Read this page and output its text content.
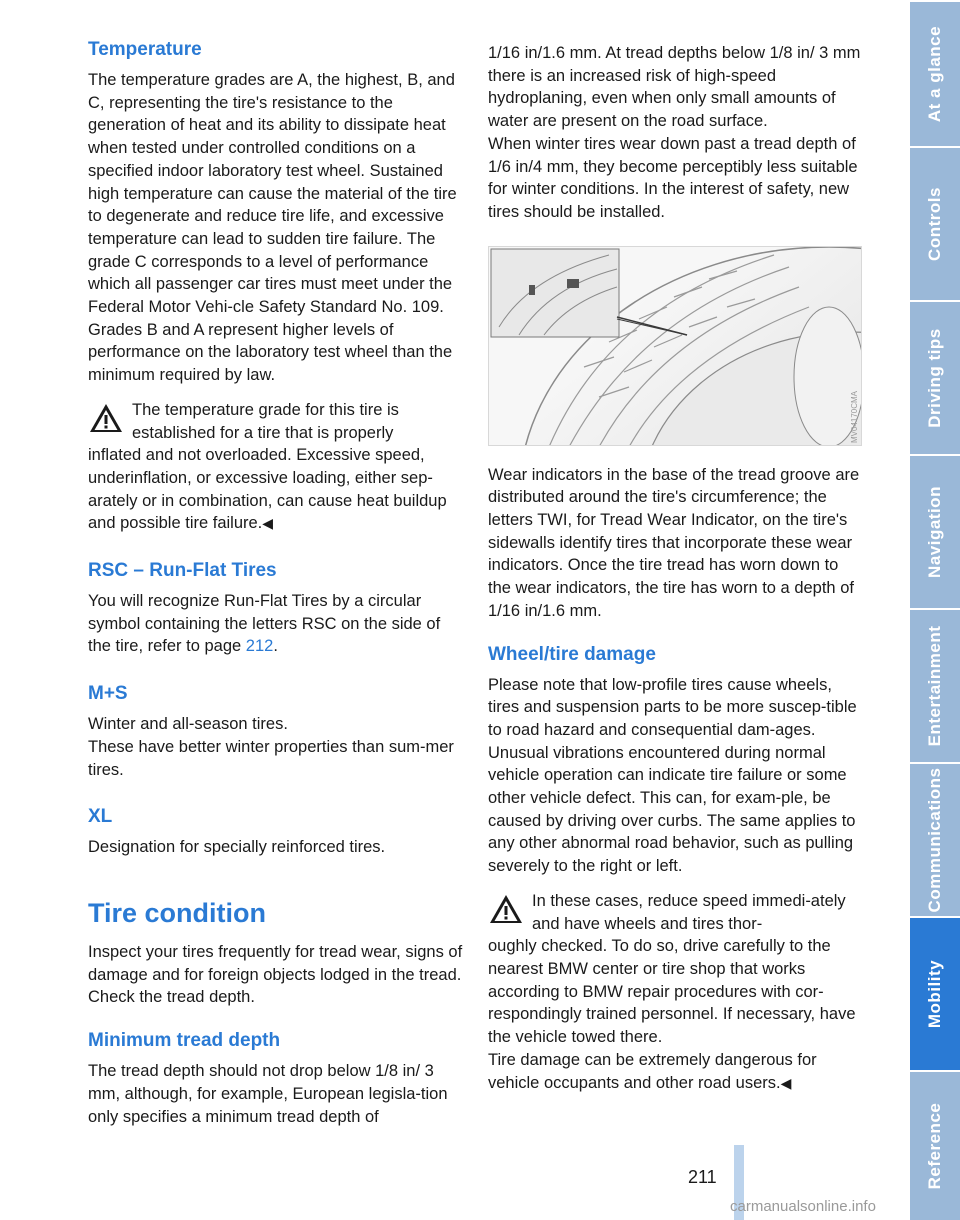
Temperature

The temperature grades are A, the highest, B, and C, representing the tire's resistance to the generation of heat and its ability to dissipate heat when tested under controlled conditions on a specified indoor laboratory test wheel. Sustained high temperature can cause the material of the tire to degenerate and reduce tire life, and excessive temperature can lead to sudden tire failure. The grade C corresponds to a level of performance which all passenger car tires must meet under the Federal Motor Vehi-cle Safety Standard No. 109. Grades B and A represent higher levels of performance on the laboratory test wheel than the minimum required by law.

The temperature grade for this tire is established for a tire that is properly

inflated and not overloaded. Excessive speed, underinflation, or excessive loading, either sep-arately or in combination, can cause heat buildup and possible tire failure.◀

RSC – Run-Flat Tires

You will recognize Run-Flat Tires by a circular symbol containing the letters RSC on the side of the tire, refer to page 212.

M+S

Winter and all-season tires.

These have better winter properties than sum-mer tires.

XL

Designation for specially reinforced tires.

Tire condition

Inspect your tires frequently for tread wear, signs of damage and for foreign objects lodged in the tread. Check the tread depth.

Minimum tread depth

The tread depth should not drop below 1/8 in/ 3 mm, although, for example, European legisla-tion only specifies a minimum tread depth of

1/16 in/1.6 mm. At tread depths below 1/8 in/ 3 mm there is an increased risk of high-speed hydroplaning, even when only small amounts of water are present on the road surface.

When winter tires wear down past a tread depth of 1/6 in/4 mm, they become perceptibly less suitable for winter conditions. In the interest of safety, new tires should be installed.

MV04170CMA

Wear indicators in the base of the tread groove are distributed around the tire's circumference; the letters TWI, for Tread Wear Indicator, on the tire's sidewalls identify tires that incorporate these wear indicators. Once the tire tread has worn down to the wear indicators, the tire has worn to a depth of 1/16 in/1.6 mm.

Wheel/tire damage

Please note that low-profile tires cause wheels, tires and suspension parts to be more suscep-tible to road hazard and consequential dam-ages.

Unusual vibrations encountered during normal vehicle operation can indicate tire failure or some other vehicle defect. This can, for exam-ple, be caused by driving over curbs. The same applies to any other abnormal road behavior, such as pulling severely to the right or left.

In these cases, reduce speed immedi-ately and have wheels and tires thor-

oughly checked. To do so, drive carefully to the nearest BMW center or tire shop that works according to BMW repair procedures with cor-respondingly trained personnel. If necessary, have the vehicle towed there.

Tire damage can be extremely dangerous for vehicle occupants and other road users.◀

At a glance
Controls
Driving tips
Navigation
Entertainment
Communications
Mobility
Reference
211
carmanualsonline.info
